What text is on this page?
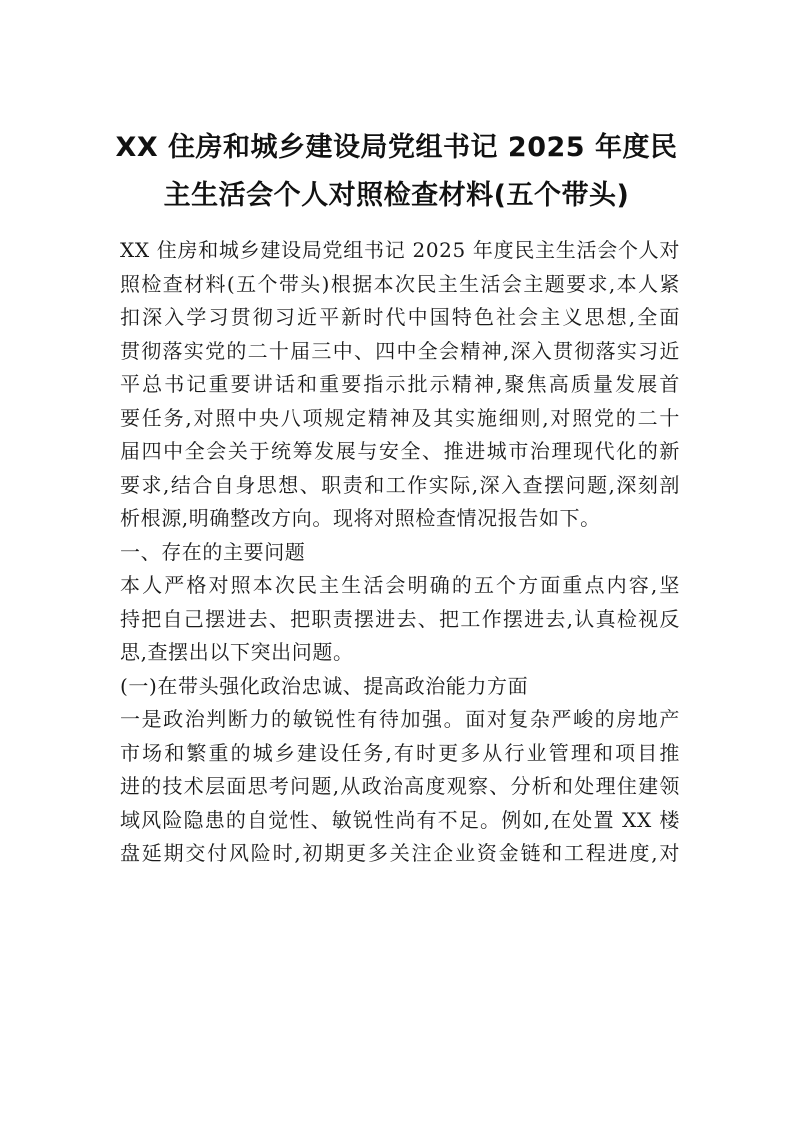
XX 住房和城乡建设局党组书记 2025 年度民
主生活会个人对照检查材料(五个带头)
XX 住房和城乡建设局党组书记 2025 年度民主生活会个人对
照检查材料(五个带头)根据本次民主生活会主题要求,本人紧
扣深入学习贯彻习近平新时代中国特色社会主义思想,全面
贯彻落实党的二十届三中、四中全会精神,深入贯彻落实习近
平总书记重要讲话和重要指示批示精神,聚焦高质量发展首
要任务,对照中央八项规定精神及其实施细则,对照党的二十
届四中全会关于统筹发展与安全、推进城市治理现代化的新
要求,结合自身思想、职责和工作实际,深入查摆问题,深刻剖
析根源,明确整改方向。现将对照检查情况报告如下。
一、存在的主要问题
本人严格对照本次民主生活会明确的五个方面重点内容,坚
持把自己摆进去、把职责摆进去、把工作摆进去,认真检视反
思,查摆出以下突出问题。
(一)在带头强化政治忠诚、提高政治能力方面
一是政治判断力的敏锐性有待加强。面对复杂严峻的房地产
市场和繁重的城乡建设任务,有时更多从行业管理和项目推
进的技术层面思考问题,从政治高度观察、分析和处理住建领
域风险隐患的自觉性、敏锐性尚有不足。例如,在处置 XX 楼
盘延期交付风险时,初期更多关注企业资金链和工程进度,对
